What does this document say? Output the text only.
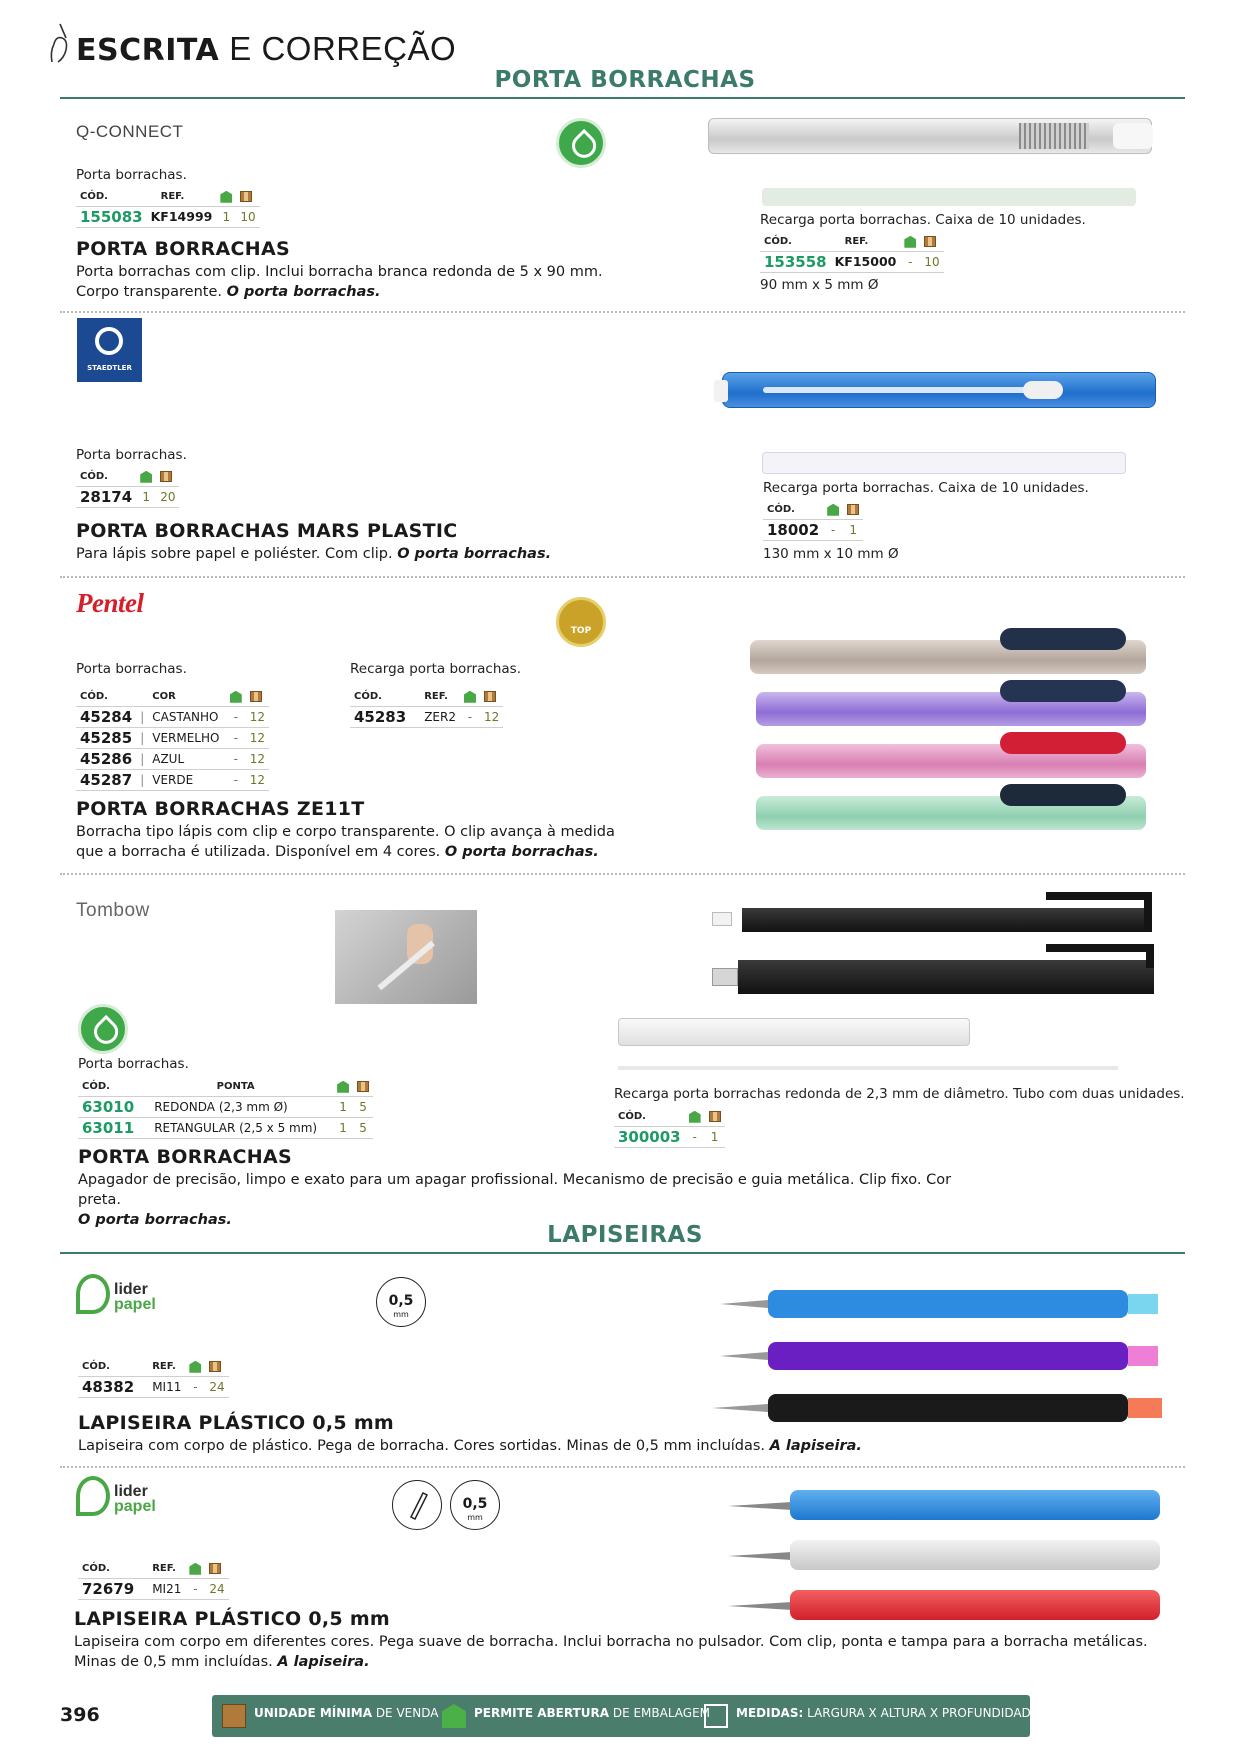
ESCRITA E CORREÇÃO
PORTA BORRACHAS
Q-CONNECT
Porta borrachas.
CÓD.	REF.		
155083	KF14999	1	10
PORTA BORRACHAS
Porta borrachas com clip. Inclui borracha branca redonda de 5 x 90 mm.
Corpo transparente. O porta borrachas.
Recarga porta borrachas. Caixa de 10 unidades.
CÓD.	REF.		
153558	KF15000	-	10
90 mm x 5 mm Ø
STAEDTLER
Porta borrachas.
CÓD.		
28174	1	20
PORTA BORRACHAS MARS PLASTIC
Para lápis sobre papel e poliéster. Com clip. O porta borrachas.
Recarga porta borrachas. Caixa de 10 unidades.
CÓD.		
18002	-	1
130 mm x 10 mm Ø
Pentel
TOP
Porta borrachas.
CÓD.		COR		
45284	|	CASTANHO	-	12
45285	|	VERMELHO	-	12
45286	|	AZUL	-	12
45287	|	VERDE	-	12
Recarga porta borrachas.
CÓD.	REF.		
45283	ZER2	-	12
PORTA BORRACHAS ZE11T
Borracha tipo lápis com clip e corpo transparente. O clip avança à medida
que a borracha é utilizada. Disponível em 4 cores. O porta borrachas.
Tombow
Porta borrachas.
CÓD.	PONTA		
63010	REDONDA (2,3 mm Ø)	1	5
63011	RETANGULAR (2,5 x 5 mm)	1	5
PORTA BORRACHAS
Apagador de precisão, limpo e exato para um apagar profissional. Mecanismo de precisão e guia metálica. Clip fixo. Cor preta.
O porta borrachas.
Recarga porta borrachas redonda de 2,3 mm de diâmetro. Tubo com duas unidades.
CÓD.		
300003	-	1
LAPISEIRAS
lider
papel	0,5
mm
CÓD.	REF.		
48382	MI11	-	24
LAPISEIRA PLÁSTICO 0,5 mm
Lapiseira com corpo de plástico. Pega de borracha. Cores sortidas. Minas de 0,5 mm incluídas. A lapiseira.
lider
papel	0,5
mm
CÓD.	REF.		
72679	MI21	-	24
LAPISEIRA PLÁSTICO 0,5 mm
Lapiseira com corpo em diferentes cores. Pega suave de borracha. Inclui borracha no pulsador. Com clip, ponta e tampa para a borracha metálicas.
Minas de 0,5 mm incluídas. A lapiseira.
396	UNIDADE MÍNIMA DE VENDA	PERMITE ABERTURA DE EMBALAGEM MEDIDAS: LARGURA X ALTURA X PROFUNDIDADE
